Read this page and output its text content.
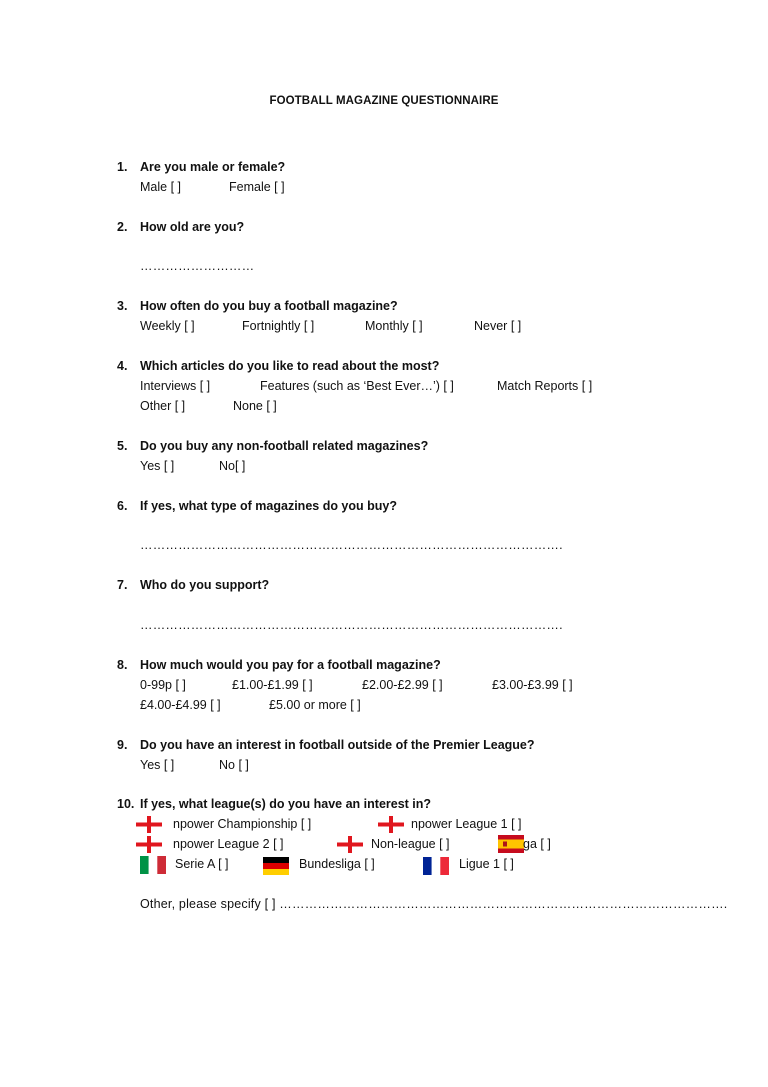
FOOTBALL MAGAZINE QUESTIONNAIRE
1. Are you male or female?
Male [ ]	Female [ ]
2. How old are you?
………………………
3. How often do you buy a football magazine?
Weekly [ ]	Fortnightly [ ]	Monthly [ ]	Never [ ]
4. Which articles do you like to read about the most?
Interviews [ ]	Features (such as ‘Best Ever…’) [ ]	Match Reports [ ]
Other [ ]	None [ ]
5. Do you buy any non-football related magazines?
Yes [ ]	No[ ]
6. If yes, what type of magazines do you buy?
……………………………………………………………………………………….
7. Who do you support?
……………………………………………………………………………………….
8. How much would you pay for a football magazine?
0-99p [ ]	£1.00-£1.99 [ ]	£2.00-£2.99 [ ]	£3.00-£3.99 [ ]
£4.00-£4.99 [ ]	£5.00 or more [ ]
9. Do you have an interest in football outside of the Premier League?
Yes [ ]	No [ ]
10. If yes, what league(s) do you have an interest in?
npower Championship [ ]	npower League 1 [ ]
npower League 2 [ ]	Non-league [ ]	ga [ ]
Serie A [ ]	Bundesliga [ ]	Ligue 1 [ ]
Other, please specify [ ] …………………………………………………………………………………………….
